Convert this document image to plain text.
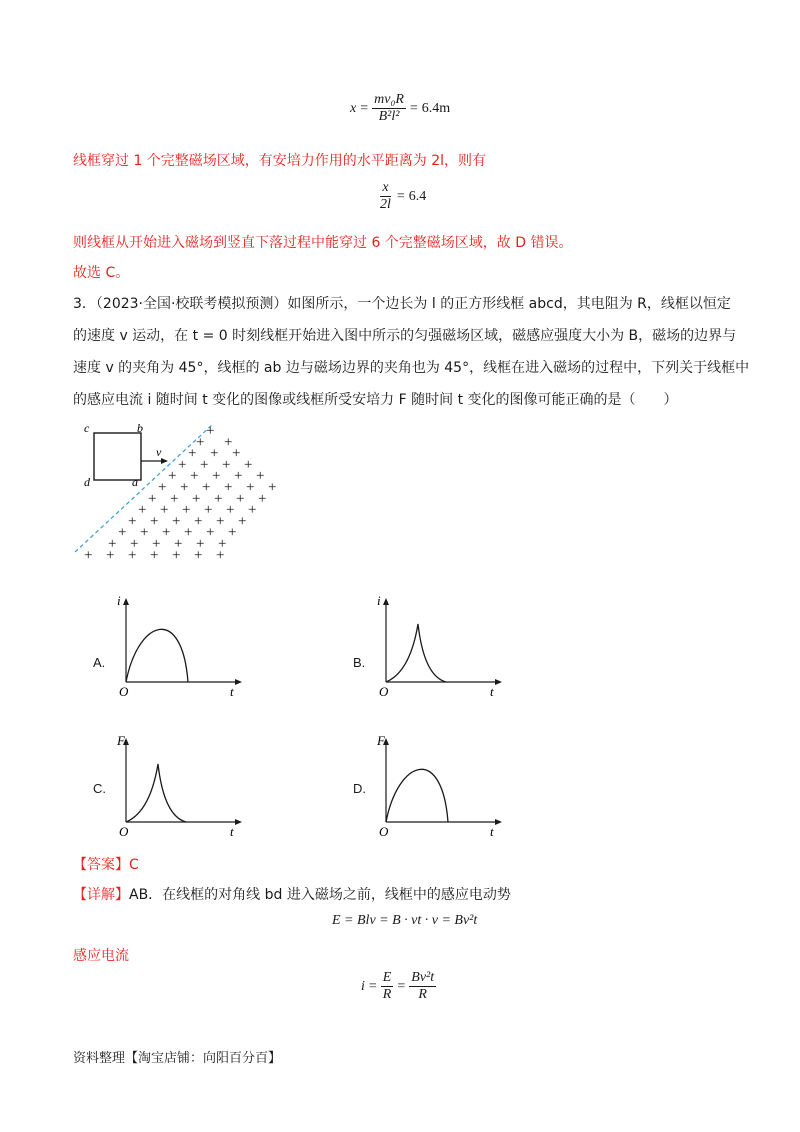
$x = \frac{\text{mv₀R}}{\text{B²l²}} = 6.4m$
线框穿过 1 个完整磁场区域，有安培力作用的水平距离为 2l，则有
$\frac{x}{2l} = 6.4$
则线框从开始进入磁场到竖直下落过程中能穿过 6 个完整磁场区域，故 D 错误。
故选 C。
3．（2023·全国·校联考模拟预测）如图所示，一个边长为 l 的正方形线框 abcd，其电阻为 R，线框以恒定
的速度 v 运动，在 t = 0 时刻线框开始进入图中所示的匀强磁场区域，磁感应强度大小为 B，磁场的边界与
速度 v 的夹角为 45°，线框的 ab 边与磁场边界的夹角也为 45°，线框在进入磁场的过程中，下列关于线框中
的感应电流 i 随时间 t 变化的图像或线框所受安培力 F 随时间 t 变化的图像可能正确的是（　　）
c	b
d	a
v
+
+ +
+ + +
+ + + +
+ + + + +
+ + + + + +
+ + + + + +
+ + + + + +
+ + + + + +
+ + + + + +
+ + + + + +
+ + + + + + +
A.	B.
C.	D.
i
t
O
i
t
O
F
t
O
F
t
O
【答案】C
【详解】AB．在线框的对角线 bd 进入磁场之前，线框中的感应电动势
E = Blv = B · vt · v = Bv²t
感应电流
$i = \frac{E}{R} = \frac{\text{Bv²t}}{R}$
资料整理【淘宝店铺：向阳百分百】
